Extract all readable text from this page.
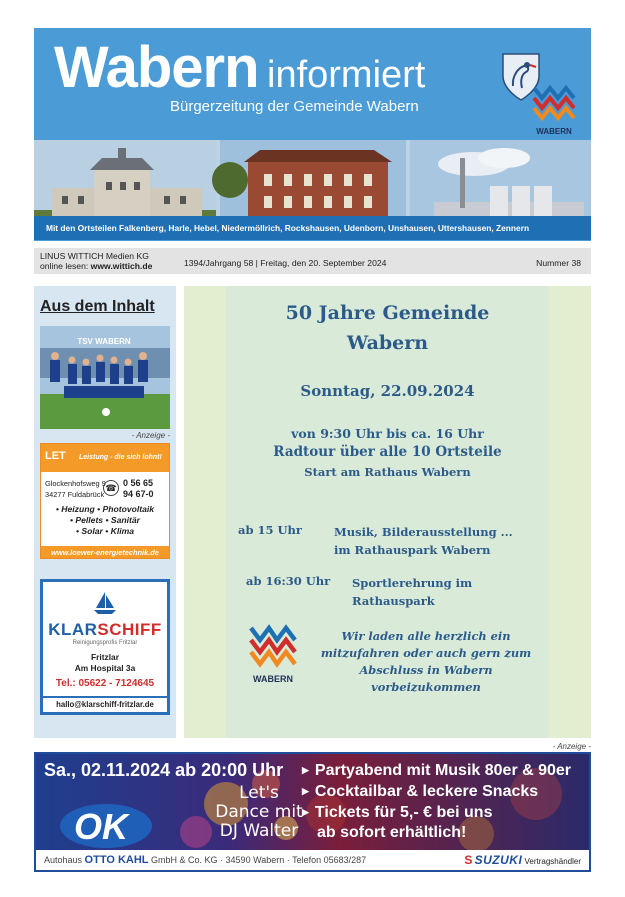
Wabern informiert
Bürgerzeitung der Gemeinde Wabern
WABERN
Mit den Ortsteilen Falkenberg, Harle, Hebel, Niedermöllrich, Rockshausen, Udenborn, Unshausen, Uttershausen, Zennern
LINUS WITTICH Medien KG
online lesen: www.wittich.de	1394/Jahrgang 58 | Freitag, den 20. September 2024	Nummer 38
Aus dem Inhalt
TSV WABERN
- Anzeige -
LET Leistung - die sich lohnt!
Glockenhofsweg 9
34277 Fuldabrück
☎ 0 56 65
94 67-0
• Heizung • Photovoltaik
• Pellets • Sanitär
• Solar • Klima
www.loewer-energietechnik.de
KLARSCHIFF
Reinigungsprofis Fritzlar
Fritzlar
Am Hospital 3a
Tel.: 05622 - 7124645
hallo@klarschiff-fritzlar.de
50 Jahre Gemeinde
Wabern
Sonntag, 22.09.2024
von 9:30 Uhr bis ca. 16 Uhr
Radtour über alle 10 Ortsteile
Start am Rathaus Wabern
ab 15 Uhr	Musik, Bilderausstellung ...
im Rathauspark Wabern
ab 16:30 Uhr Sportlerehrung im
Rathauspark
WABERN
Wir laden alle herzlich ein
mitzufahren oder auch gern zum
Abschluss in Wabern
vorbeizukommen
- Anzeige -
Sa., 02.11.2024 ab 20:00 Uhr
Let's
Dance mit
DJ Walter
OK
▶ Partyabend mit Musik 80er & 90er
▶ Cocktailbar & leckere Snacks
▶ Tickets für 5,- € bei uns
ab sofort erhältlich!
Autohaus OTTO KAHL GmbH & Co. KG · 34590 Wabern · Telefon 05683/287	S SUZUKI Vertragshändler
